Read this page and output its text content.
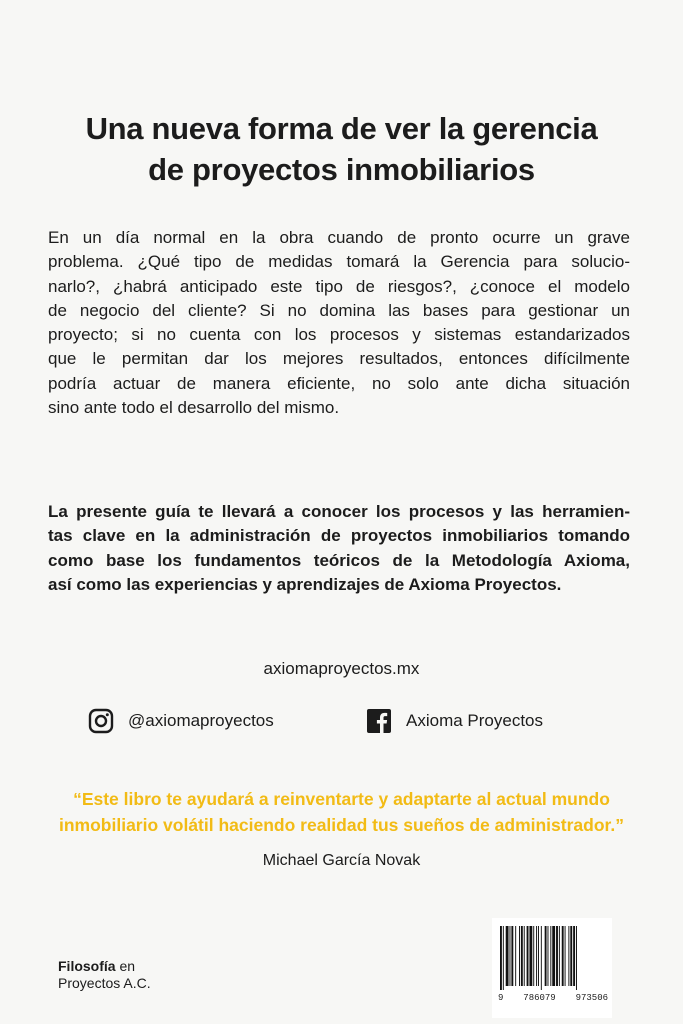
Una nueva forma de ver la gerencia
de proyectos inmobiliarios
En un día normal en la obra cuando de pronto ocurre un grave
problema. ¿Qué tipo de medidas tomará la Gerencia para solucio-
narlo?, ¿habrá anticipado este tipo de riesgos?, ¿conoce el modelo
de negocio del cliente? Si no domina las bases para gestionar un
proyecto; si no cuenta con los procesos y sistemas estandarizados
que le permitan dar los mejores resultados, entonces difícilmente
podría actuar de manera eficiente, no solo ante dicha situación
sino ante todo el desarrollo del mismo.
La presente guía te llevará a conocer los procesos y las herramien-
tas clave en la administración de proyectos inmobiliarios tomando
como base los fundamentos teóricos de la Metodología Axioma,
así como las experiencias y aprendizajes de Axioma Proyectos.
axiomaproyectos.mx
@axiomaproyectos	Axioma Proyectos
“Este libro te ayudará a reinventarte y adaptarte al actual mundo
inmobiliario volátil haciendo realidad tus sueños de administrador.”
Michael García Novak
Filosofía en
Proyectos A.C.
9 786079 973506
